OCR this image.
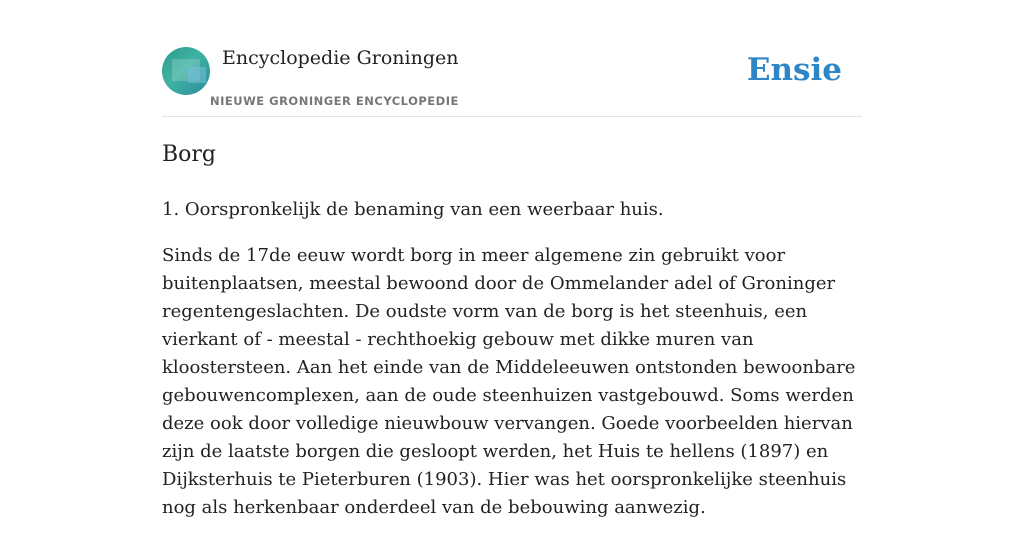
Encyclopedie Groningen
NIEUWE GRONINGER ENCYCLOPEDIE
Ensie
Borg

1. Oorspronkelijk de benaming van een weerbaar huis.

Sinds de 17de eeuw wordt borg in meer algemene zin gebruikt voor buitenplaatsen, meestal bewoond door de Ommelander adel of Groninger regentengeslachten. De oudste vorm van de borg is het steenhuis, een vierkant of - meestal - rechthoekig gebouw met dikke muren van kloostersteen. Aan het einde van de Middeleeuwen ontstonden bewoonbare gebouwencomplexen, aan de oude steenhuizen vastgebouwd. Soms werden deze ook door volledige nieuwbouw vervangen. Goede voorbeelden hiervan zijn de laatste borgen die gesloopt werden, het Huis te hellens (1897) en Dijksterhuis te Pieterburen (1903). Hier was het oorspronkelijke steenhuis nog als herkenbaar onderdeel van de bebouwing aanwezig.
